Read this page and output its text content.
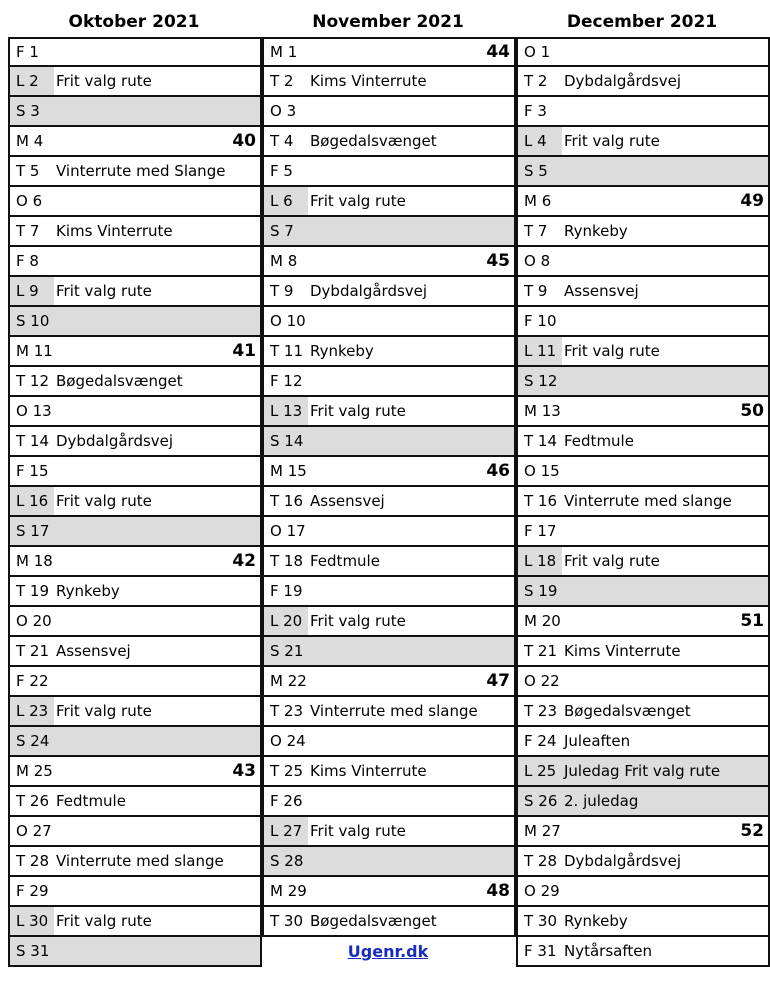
Oktober 2021	November 2021	December 2021
F 1
L 2	Frit valg rute
S 3
M 4	40
T 5	Vinterrute med Slange
O 6
T 7	Kims Vinterrute
F 8
L 9	Frit valg rute
S 10
M 11	41
T 12 Bøgedalsvænget
O 13
T 14 Dybdalgårdsvej
F 15
L 16 Frit valg rute
S 17
M 18	42
T 19 Rynkeby
O 20
T 21 Assensvej
F 22
L 23 Frit valg rute
S 24
M 25	43
T 26 Fedtmule
O 27
T 28 Vinterrute med slange
F 29
L 30 Frit valg rute
S 31
M 1	44
T 2	Kims Vinterrute
O 3
T 4	Bøgedalsvænget
F 5
L 6	Frit valg rute
S 7
M 8	45
T 9	Dybdalgårdsvej
O 10
T 11 Rynkeby
F 12
L 13 Frit valg rute
S 14
M 15	46
T 16 Assensvej
O 17
T 18 Fedtmule
F 19
L 20 Frit valg rute
S 21
M 22	47
T 23 Vinterrute med slange
O 24
T 25 Kims Vinterrute
F 26
L 27 Frit valg rute
S 28
M 29	48
T 30 Bøgedalsvænget
O 1
T 2	Dybdalgårdsvej
F 3
L 4	Frit valg rute
S 5
M 6	49
T 7	Rynkeby
O 8
T 9	Assensvej
F 10
L 11 Frit valg rute
S 12
M 13	50
T 14 Fedtmule
O 15
T 16 Vinterrute med slange
F 17
L 18 Frit valg rute
S 19
M 20	51
T 21 Kims Vinterrute
O 22
T 23 Bøgedalsvænget
F 24 Juleaften
L 25 Juledag Frit valg rute
S 26 2. juledag
M 27	52
T 28 Dybdalgårdsvej
O 29
T 30 Rynkeby
F 31 Nytårsaften
Ugenr.dk
